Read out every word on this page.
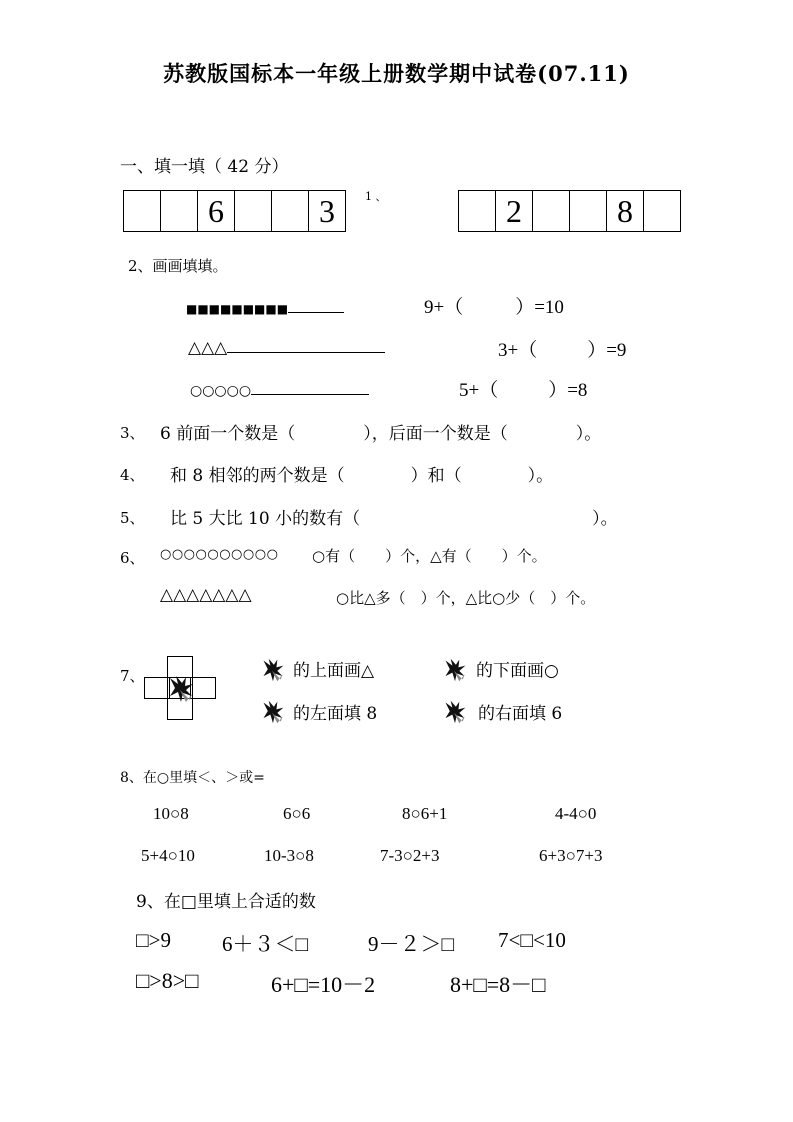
苏教版国标本一年级上册数学期中试卷(07.11)
一、填一填（ 42 分）
1 、
6	3	2	8
2、画画填填。
■■■■■■■■■	9+（	）=10
△△△	3+（	）=9
○○○○○	5+（	）=8
3、 6 前面一个数是（	），后面一个数是（	）。
4、 和 8 相邻的两个数是（	）和（	）。
5、 比 5 大比 10 小的数有（	）。
6、 ○○○○○○○○○○ ○有（　　）个，△有（　　）个。
△△△△△△△	○比△多（　）个，△比○少（　）个。
7、	的上面画△	的下面画○
的左面填 8	的右面填 6
8、在○里填＜、＞或=
10○8	6○6	8○6+1	4-4○0
5+4○10	10-3○8	7-3○2+3	6+3○7+3
9、在□里填上合适的数
□>9 6＋３＜□	9－２＞□ 7<□<10
□>8>□	6+□=10－2	8+□=8－□
